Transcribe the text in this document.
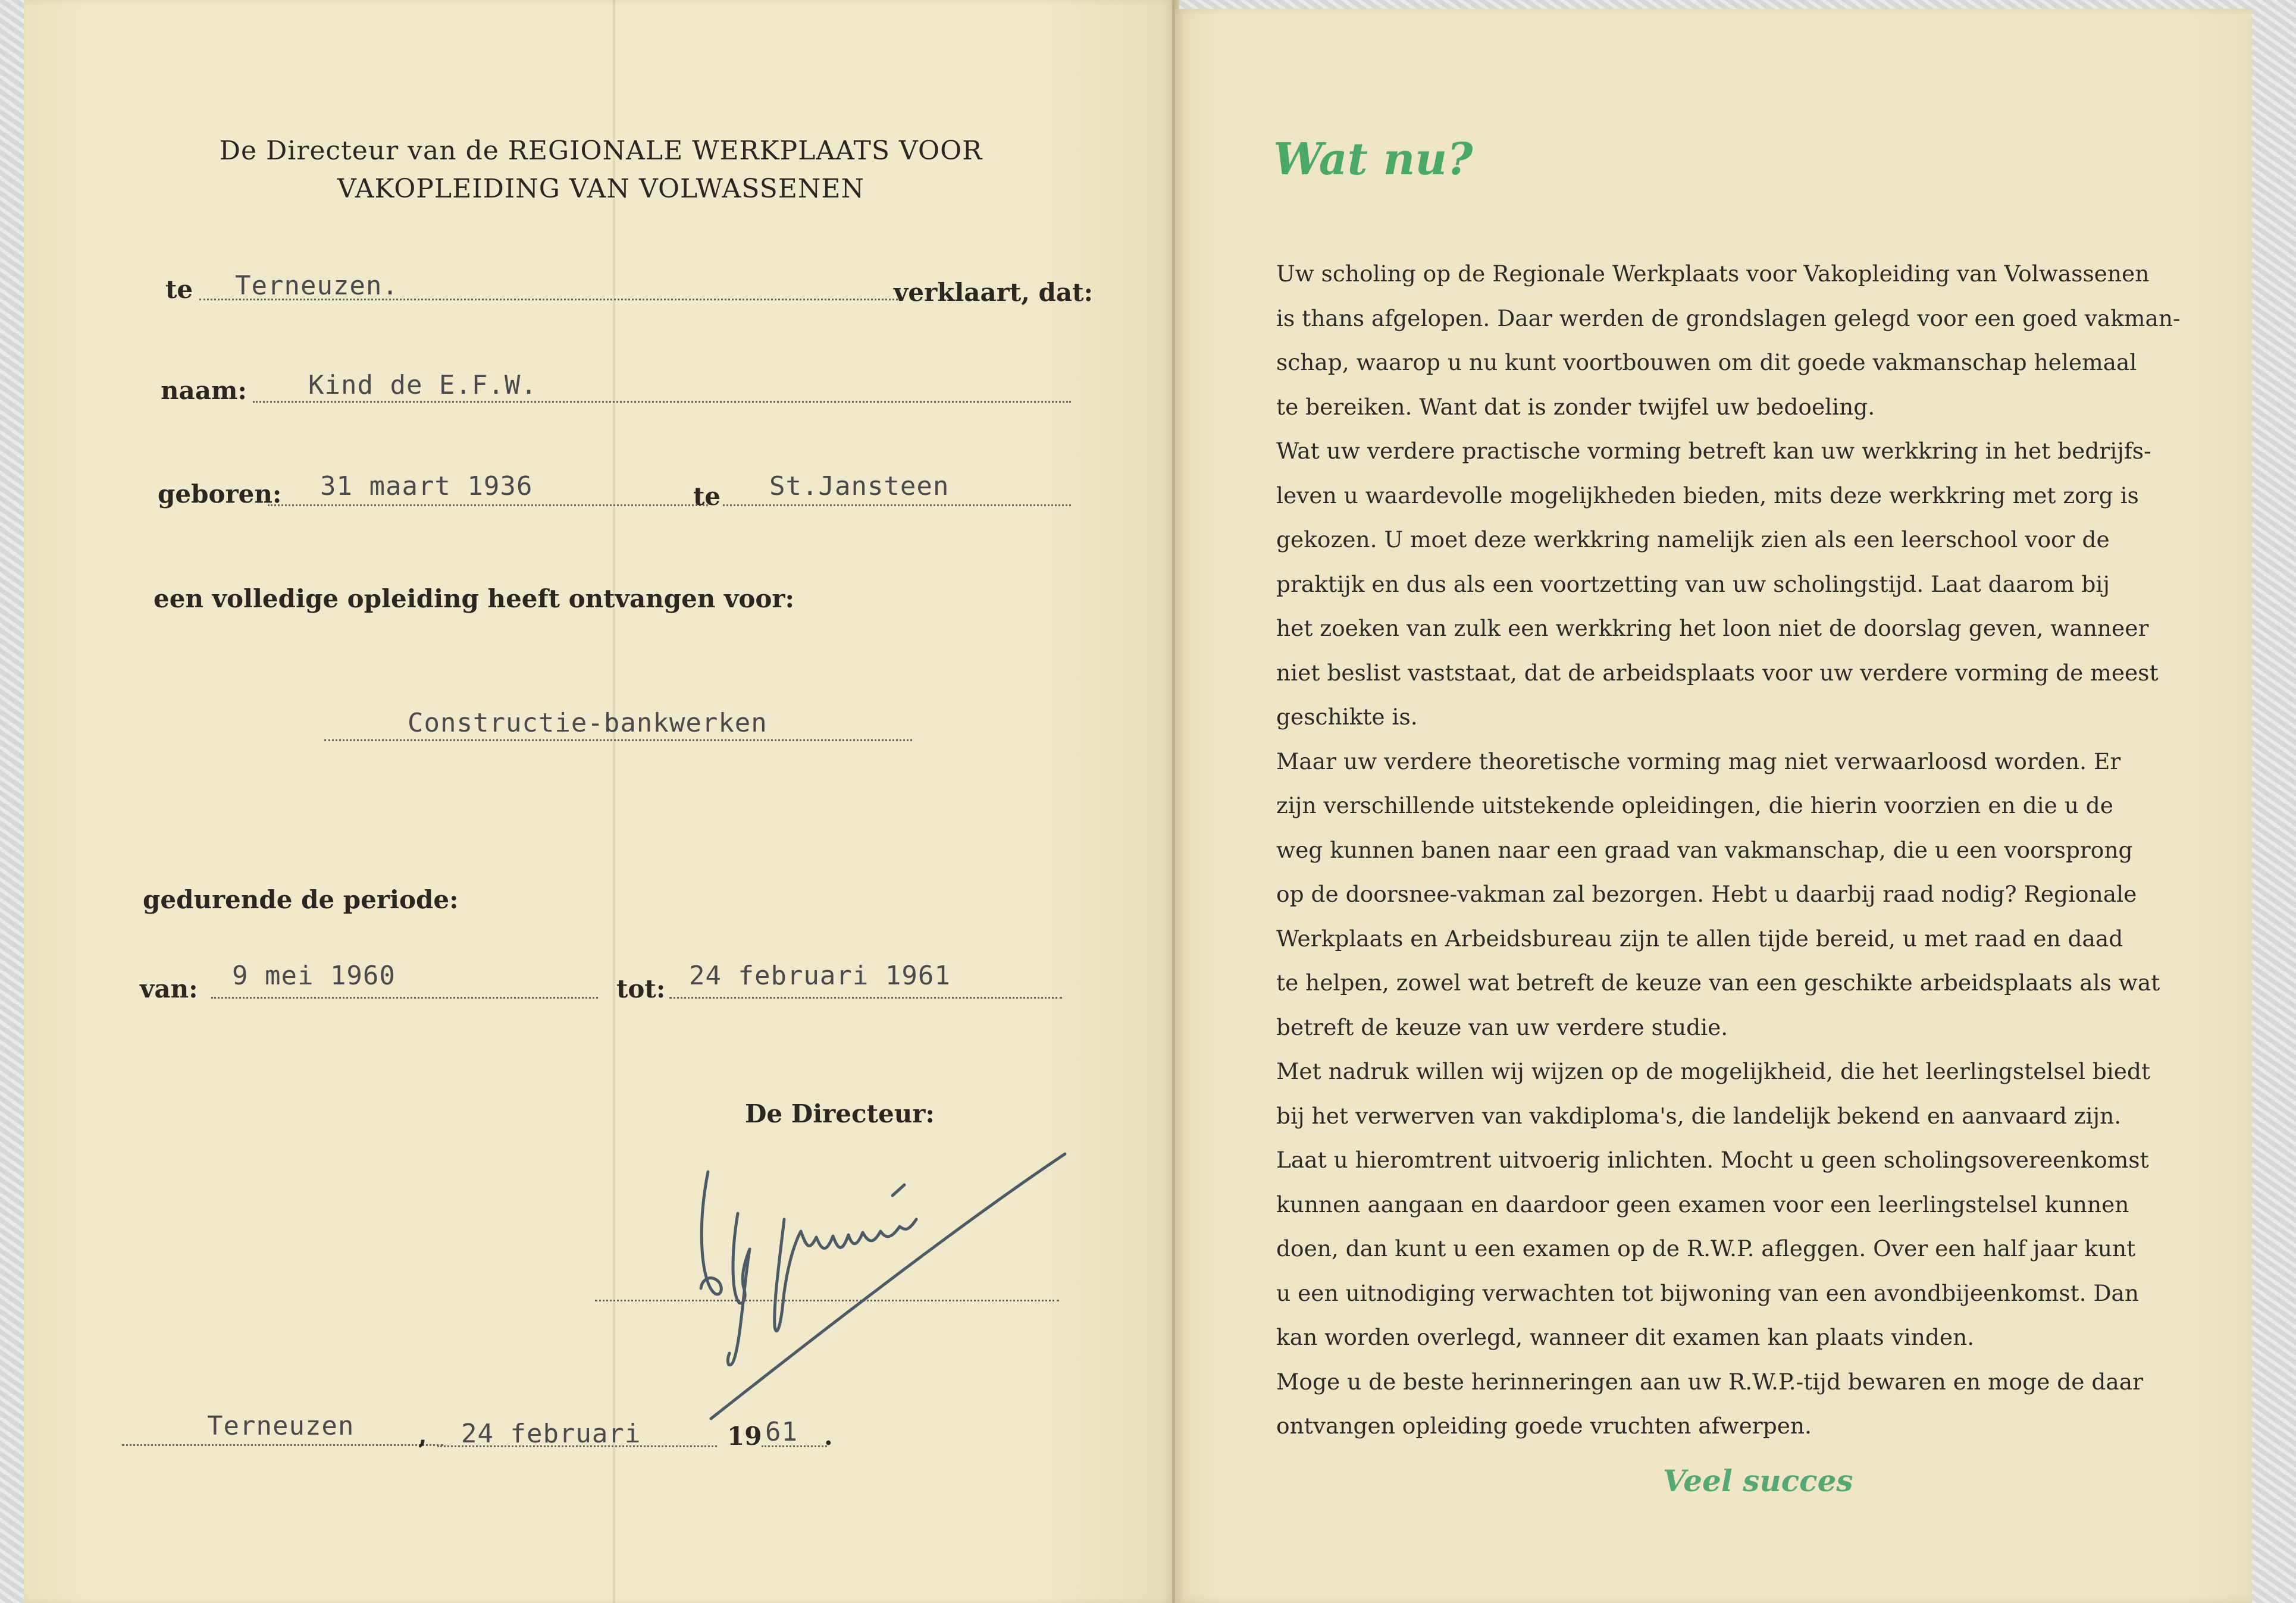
De Directeur van de REGIONALE WERKPLAATS VOOR
VAKOPLEIDING VAN VOLWASSENEN
te Terneuzen.	verklaart, dat:
naam: Kind de E.F.W.
geboren: 31 maart 1936	te St.Jansteen
een volledige opleiding heeft ontvangen voor:
Constructie-bankwerken
gedurende de periode:
van: 9 mei 1960	tot: 24 februari 1961
De Directeur:
Terneuzen	, 24 februari	19 61 .
Wat nu?
Uw scholing op de Regionale Werkplaats voor Vakopleiding van Volwassenen
is thans afgelopen. Daar werden de grondslagen gelegd voor een goed vakman-
schap, waarop u nu kunt voortbouwen om dit goede vakmanschap helemaal
te bereiken. Want dat is zonder twijfel uw bedoeling.
Wat uw verdere practische vorming betreft kan uw werkkring in het bedrijfs-
leven u waardevolle mogelijkheden bieden, mits deze werkkring met zorg is
gekozen. U moet deze werkkring namelijk zien als een leerschool voor de
praktijk en dus als een voortzetting van uw scholingstijd. Laat daarom bij
het zoeken van zulk een werkkring het loon niet de doorslag geven, wanneer
niet beslist vaststaat, dat de arbeidsplaats voor uw verdere vorming de meest
geschikte is.
Maar uw verdere theoretische vorming mag niet verwaarloosd worden. Er
zijn verschillende uitstekende opleidingen, die hierin voorzien en die u de
weg kunnen banen naar een graad van vakmanschap, die u een voorsprong
op de doorsnee-vakman zal bezorgen. Hebt u daarbij raad nodig? Regionale
Werkplaats en Arbeidsbureau zijn te allen tijde bereid, u met raad en daad
te helpen, zowel wat betreft de keuze van een geschikte arbeidsplaats als wat
betreft de keuze van uw verdere studie.
Met nadruk willen wij wijzen op de mogelijkheid, die het leerlingstelsel biedt
bij het verwerven van vakdiploma's, die landelijk bekend en aanvaard zijn.
Laat u hieromtrent uitvoerig inlichten. Mocht u geen scholingsovereenkomst
kunnen aangaan en daardoor geen examen voor een leerlingstelsel kunnen
doen, dan kunt u een examen op de R.W.P. afleggen. Over een half jaar kunt
u een uitnodiging verwachten tot bijwoning van een avondbijeenkomst. Dan
kan worden overlegd, wanneer dit examen kan plaats vinden.
Moge u de beste herinneringen aan uw R.W.P.-tijd bewaren en moge de daar
ontvangen opleiding goede vruchten afwerpen.
Veel succes
